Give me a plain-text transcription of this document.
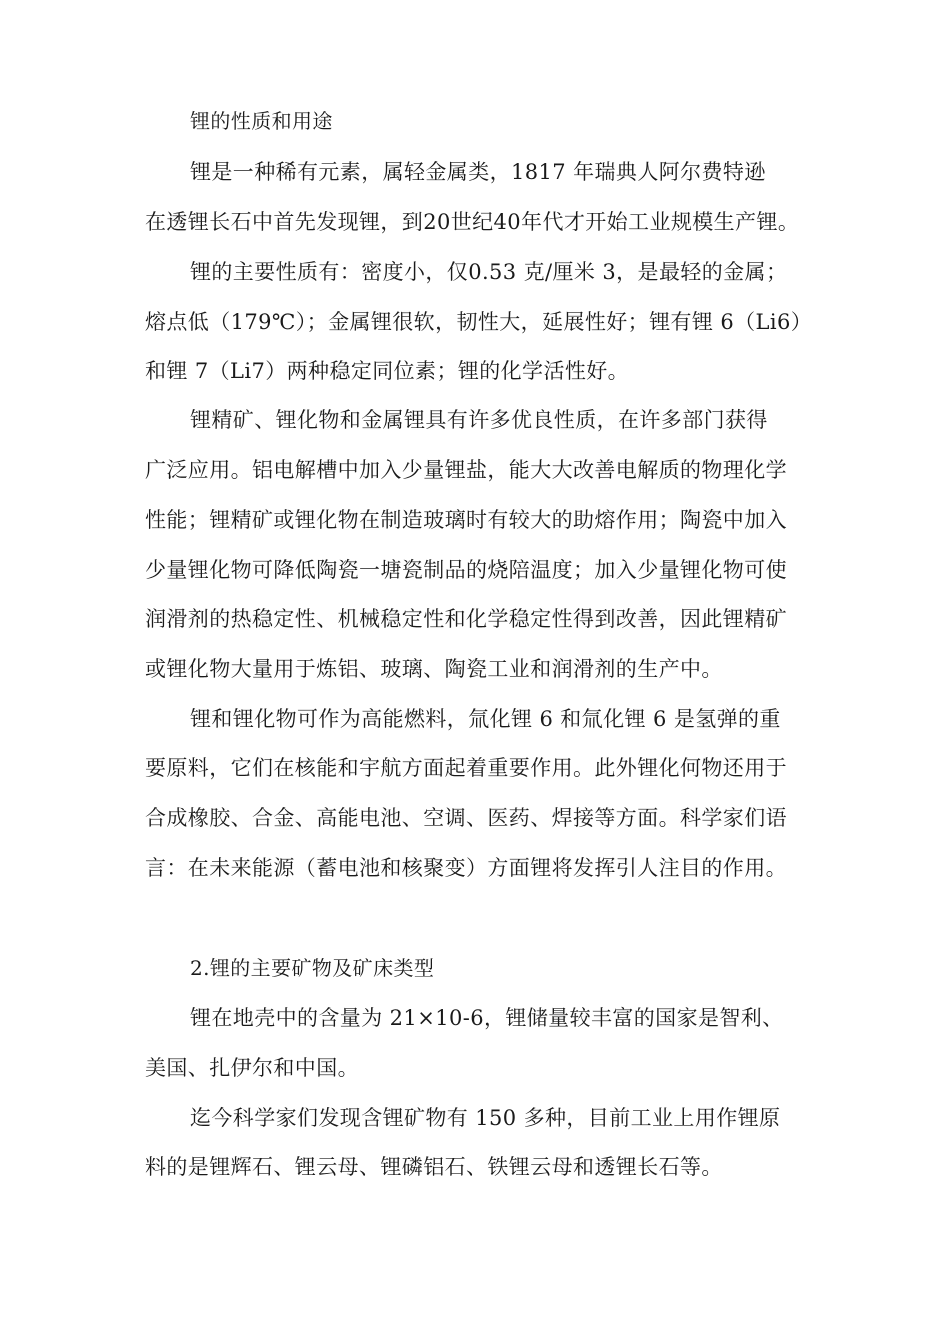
锂的性质和用途
锂是一种稀有元素，属轻金属类，1817 年瑞典人阿尔费特逊
在透锂长石中首先发现锂，到20世纪40年代才开始工业规模生产锂。
锂的主要性质有：密度小，仅0.53 克/厘米 3，是最轻的金属；
熔点低（179℃）；金属锂很软，韧性大，延展性好；锂有锂 6（Li6）
和锂 7（Li7）两种稳定同位素；锂的化学活性好。
锂精矿、锂化物和金属锂具有许多优良性质，在许多部门获得
广泛应用。铝电解槽中加入少量锂盐，能大大改善电解质的物理化学
性能；锂精矿或锂化物在制造玻璃时有较大的助熔作用；陶瓷中加入
少量锂化物可降低陶瓷一塘瓷制品的烧陪温度；加入少量锂化物可使
润滑剂的热稳定性、机械稳定性和化学稳定性得到改善，因此锂精矿
或锂化物大量用于炼铝、玻璃、陶瓷工业和润滑剂的生产中。
锂和锂化物可作为高能燃料，氚化锂 6 和氚化锂 6 是氢弹的重
要原料，它们在核能和宇航方面起着重要作用。此外锂化何物还用于
合成橡胶、合金、高能电池、空调、医药、焊接等方面。科学家们语
言：在未来能源（蓄电池和核聚变）方面锂将发挥引人注目的作用。
2.锂的主要矿物及矿床类型
锂在地壳中的含量为 21×10-6，锂储量较丰富的国家是智利、
美国、扎伊尔和中国。
迄今科学家们发现含锂矿物有 150 多种，目前工业上用作锂原
料的是锂辉石、锂云母、锂磷铝石、铁锂云母和透锂长石等。
